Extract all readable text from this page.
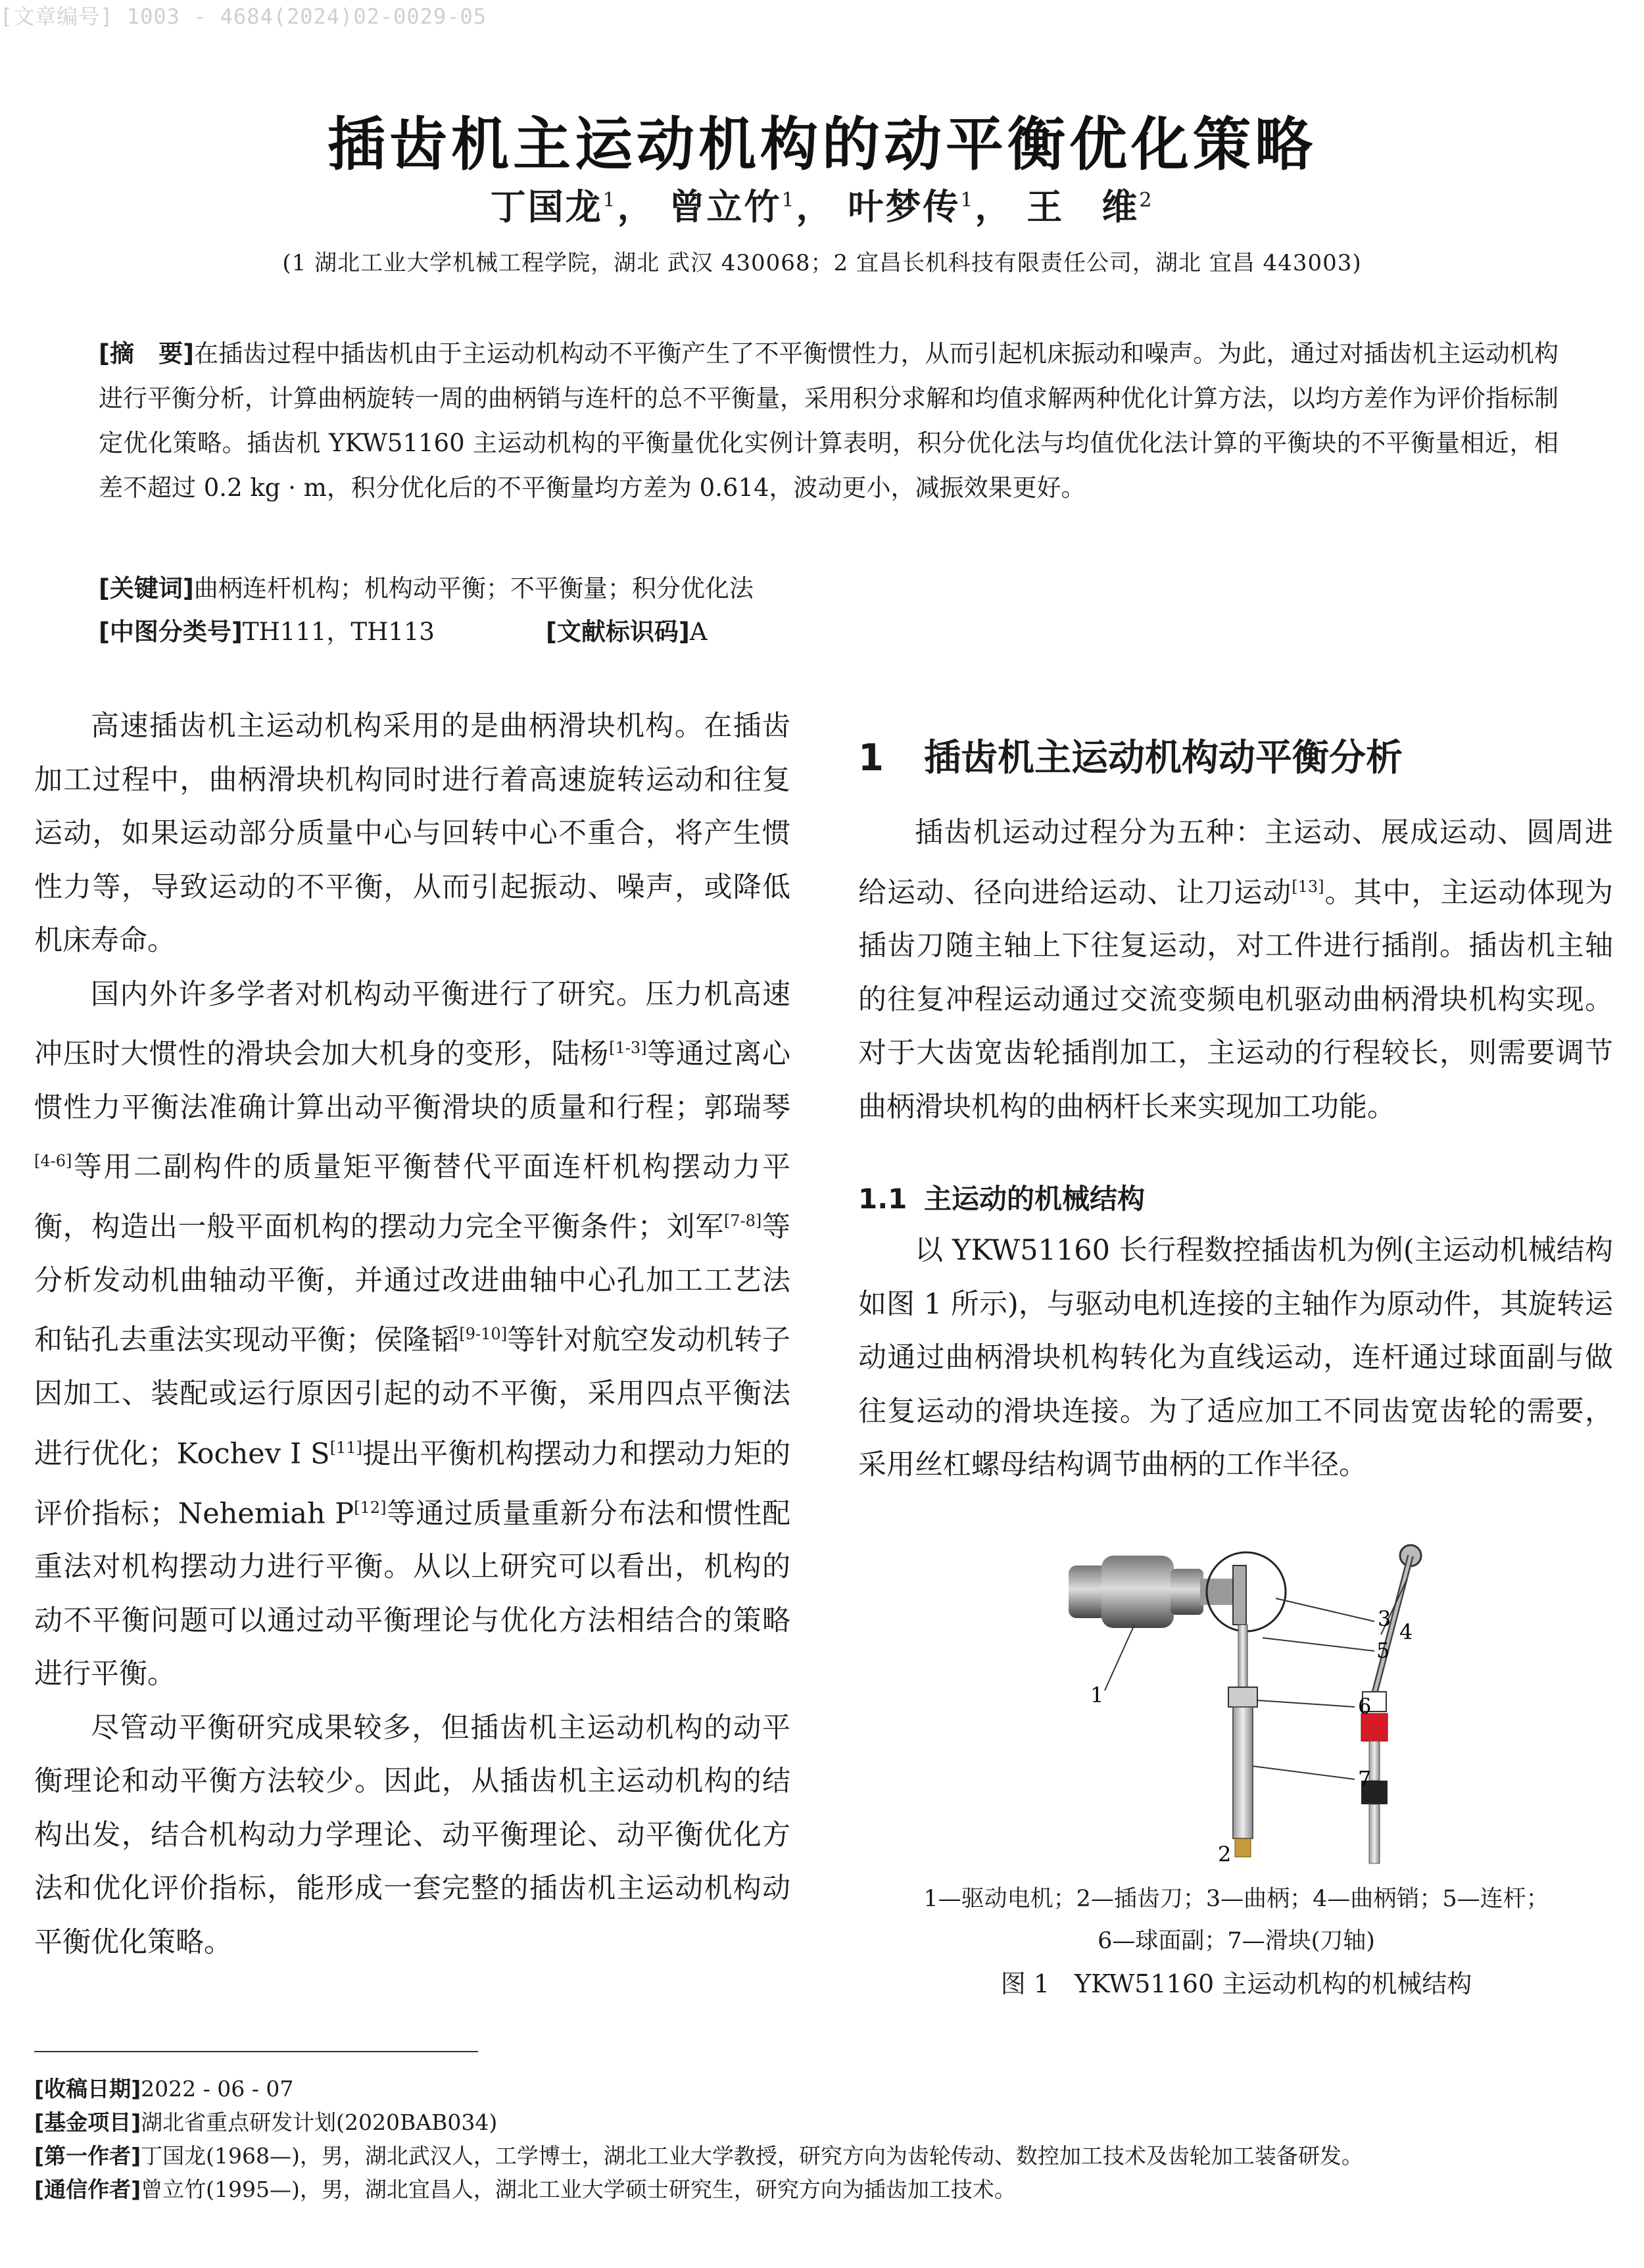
[文章编号] 1003 - 4684(2024)02-0029-05
插齿机主运动机构的动平衡优化策略
丁国龙$^1$， 曾立竹$^1$， 叶梦传$^1$， 王　维$^2$
(1 湖北工业大学机械工程学院，湖北 武汉 430068；2 宜昌长机科技有限责任公司，湖北 宜昌 443003)
[摘　要]在插齿过程中插齿机由于主运动机构动不平衡产生了不平衡惯性力，从而引起机床振动和噪声。为此，通过对插齿机主运动机构进行平衡分析，计算曲柄旋转一周的曲柄销与连杆的总不平衡量，采用积分求解和均值求解两种优化计算方法，以均方差作为评价指标制定优化策略。插齿机 YKW51160 主运动机构的平衡量优化实例计算表明，积分优化法与均值优化法计算的平衡块的不平衡量相近，相差不超过 0.2 kg · m，积分优化后的不平衡量均方差为 0.614，波动更小，减振效果更好。
[关键词]曲柄连杆机构；机构动平衡；不平衡量；积分优化法
[中图分类号]TH111，TH113	[文献标识码]A

高速插齿机主运动机构采用的是曲柄滑块机构。在插齿加工过程中，曲柄滑块机构同时进行着高速旋转运动和往复运动，如果运动部分质量中心与回转中心不重合，将产生惯性力等，导致运动的不平衡，从而引起振动、噪声，或降低机床寿命。

国内外许多学者对机构动平衡进行了研究。压力机高速冲压时大惯性的滑块会加大机身的变形，陆杨[1-3]等通过离心惯性力平衡法准确计算出动平衡滑块的质量和行程；郭瑞琴[4-6]等用二副构件的质量矩平衡替代平面连杆机构摆动力平衡，构造出一般平面机构的摆动力完全平衡条件；刘军[7-8]等分析发动机曲轴动平衡，并通过改进曲轴中心孔加工工艺法和钻孔去重法实现动平衡；侯隆韬[9-10]等针对航空发动机转子因加工、装配或运行原因引起的动不平衡，采用四点平衡法进行优化；Kochev I S[11]提出平衡机构摆动力和摆动力矩的评价指标；Nehemiah P[12]等通过质量重新分布法和惯性配重法对机构摆动力进行平衡。从以上研究可以看出，机构的动不平衡问题可以通过动平衡理论与优化方法相结合的策略进行平衡。

尽管动平衡研究成果较多，但插齿机主运动机构的动平衡理论和动平衡方法较少。因此，从插齿机主运动机构的结构出发，结合机构动力学理论、动平衡理论、动平衡优化方法和优化评价指标，能形成一套完整的插齿机主运动机构动平衡优化策略。

1 插齿机主运动机构动平衡分析

插齿机运动过程分为五种：主运动、展成运动、圆周进给运动、径向进给运动、让刀运动[13]。其中，主运动体现为插齿刀随主轴上下往复运动，对工件进行插削。插齿机主轴的往复冲程运动通过交流变频电机驱动曲柄滑块机构实现。对于大齿宽齿轮插削加工，主运动的行程较长，则需要调节曲柄滑块机构的曲柄杆长来实现加工功能。

1.1 主运动的机械结构

以 YKW51160 长行程数控插齿机为例(主运动机械结构如图 1 所示)，与驱动电机连接的主轴作为原动件，其旋转运动通过曲柄滑块机构转化为直线运动，连杆通过球面副与做往复运动的滑块连接。为了适应加工不同齿宽齿轮的需要，采用丝杠螺母结构调节曲柄的工作半径。

1
2
3
4
5
6
7
1—驱动电机；2—插齿刀；3—曲柄；4—曲柄销；5—连杆；
6—球面副；7—滑块(刀轴)
图 1　YKW51160 主运动机构的机械结构
[收稿日期]2022 - 06 - 07
[基金项目]湖北省重点研发计划(2020BAB034)
[第一作者]丁国龙(1968—)，男，湖北武汉人，工学博士，湖北工业大学教授，研究方向为齿轮传动、数控加工技术及齿轮加工装备研发。
[通信作者]曾立竹(1995—)，男，湖北宜昌人，湖北工业大学硕士研究生，研究方向为插齿加工技术。
